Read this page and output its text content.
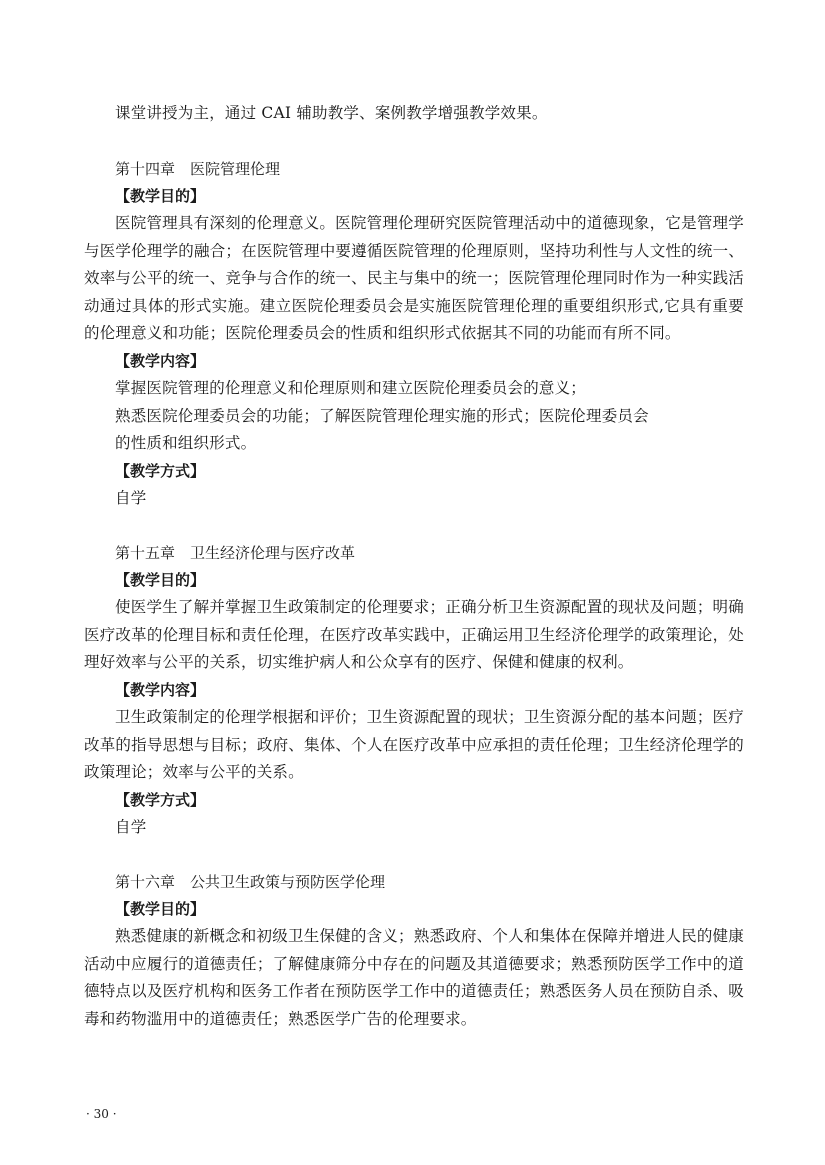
课堂讲授为主，通过 CAI 辅助教学、案例教学增强教学效果。

第十四章　医院管理伦理

【教学目的】

医院管理具有深刻的伦理意义。医院管理伦理研究医院管理活动中的道德现象，它是管理学与医学伦理学的融合；在医院管理中要遵循医院管理的伦理原则，坚持功利性与人文性的统一、效率与公平的统一、竞争与合作的统一、民主与集中的统一；医院管理伦理同时作为一种实践活动通过具体的形式实施。建立医院伦理委员会是实施医院管理伦理的重要组织形式,它具有重要的伦理意义和功能；医院伦理委员会的性质和组织形式依据其不同的功能而有所不同。

【教学内容】

掌握医院管理的伦理意义和伦理原则和建立医院伦理委员会的意义；

熟悉医院伦理委员会的功能；了解医院管理伦理实施的形式；医院伦理委员会

的性质和组织形式。

【教学方式】

自学

第十五章　卫生经济伦理与医疗改革

【教学目的】

使医学生了解并掌握卫生政策制定的伦理要求；正确分析卫生资源配置的现状及问题；明确医疗改革的伦理目标和责任伦理，在医疗改革实践中，正确运用卫生经济伦理学的政策理论，处理好效率与公平的关系，切实维护病人和公众享有的医疗、保健和健康的权利。

【教学内容】

卫生政策制定的伦理学根据和评价；卫生资源配置的现状；卫生资源分配的基本问题；医疗改革的指导思想与目标；政府、集体、个人在医疗改革中应承担的责任伦理；卫生经济伦理学的政策理论；效率与公平的关系。

【教学方式】

自学

第十六章　公共卫生政策与预防医学伦理

【教学目的】

熟悉健康的新概念和初级卫生保健的含义；熟悉政府、个人和集体在保障并增进人民的健康活动中应履行的道德责任；了解健康筛分中存在的问题及其道德要求；熟悉预防医学工作中的道德特点以及医疗机构和医务工作者在预防医学工作中的道德责任；熟悉医务人员在预防自杀、吸毒和药物滥用中的道德责任；熟悉医学广告的伦理要求。

· 30 ·
